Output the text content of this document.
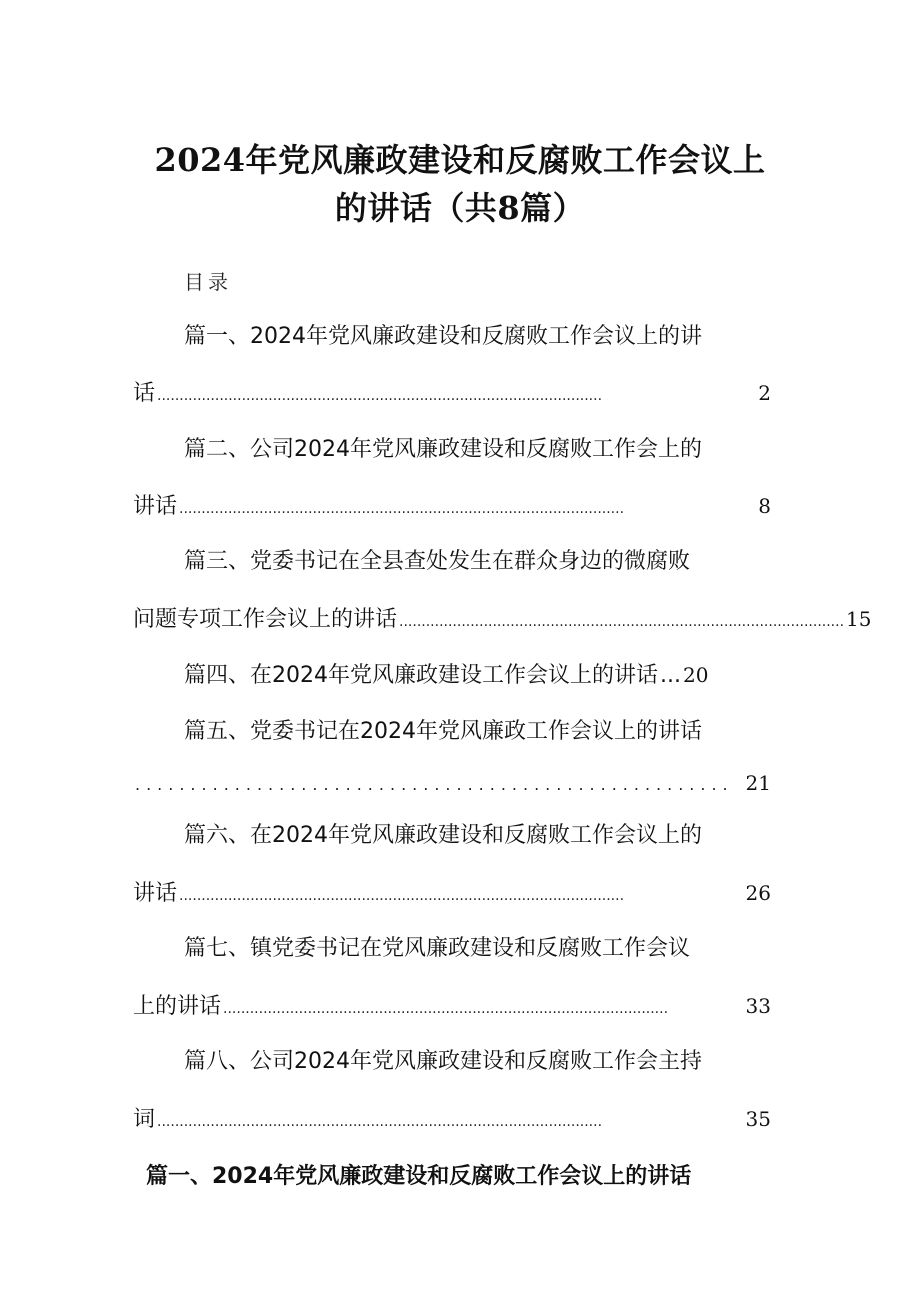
2024年党风廉政建设和反腐败工作会议上
的讲话（共8篇）
目录
篇一、2024年党风廉政建设和反腐败工作会议上的讲
话 ....................................................................................................	2
篇二、公司2024年党风廉政建设和反腐败工作会上的
讲话 ....................................................................................................	8
篇三、党委书记在全县查处发生在群众身边的微腐败
问题专项工作会议上的讲话 .................................................................................................... 15
篇四、在2024年党风廉政建设工作会议上的讲话 ... 20
篇五、党委书记在2024年党风廉政工作会议上的讲话
...................................................... 21
篇六、在2024年党风廉政建设和反腐败工作会议上的
讲话 ....................................................................................................	26
篇七、镇党委书记在党风廉政建设和反腐败工作会议
上的讲话 ....................................................................................................	33
篇八、公司2024年党风廉政建设和反腐败工作会主持
词 ....................................................................................................	35
篇一、2024年党风廉政建设和反腐败工作会议上的讲话
